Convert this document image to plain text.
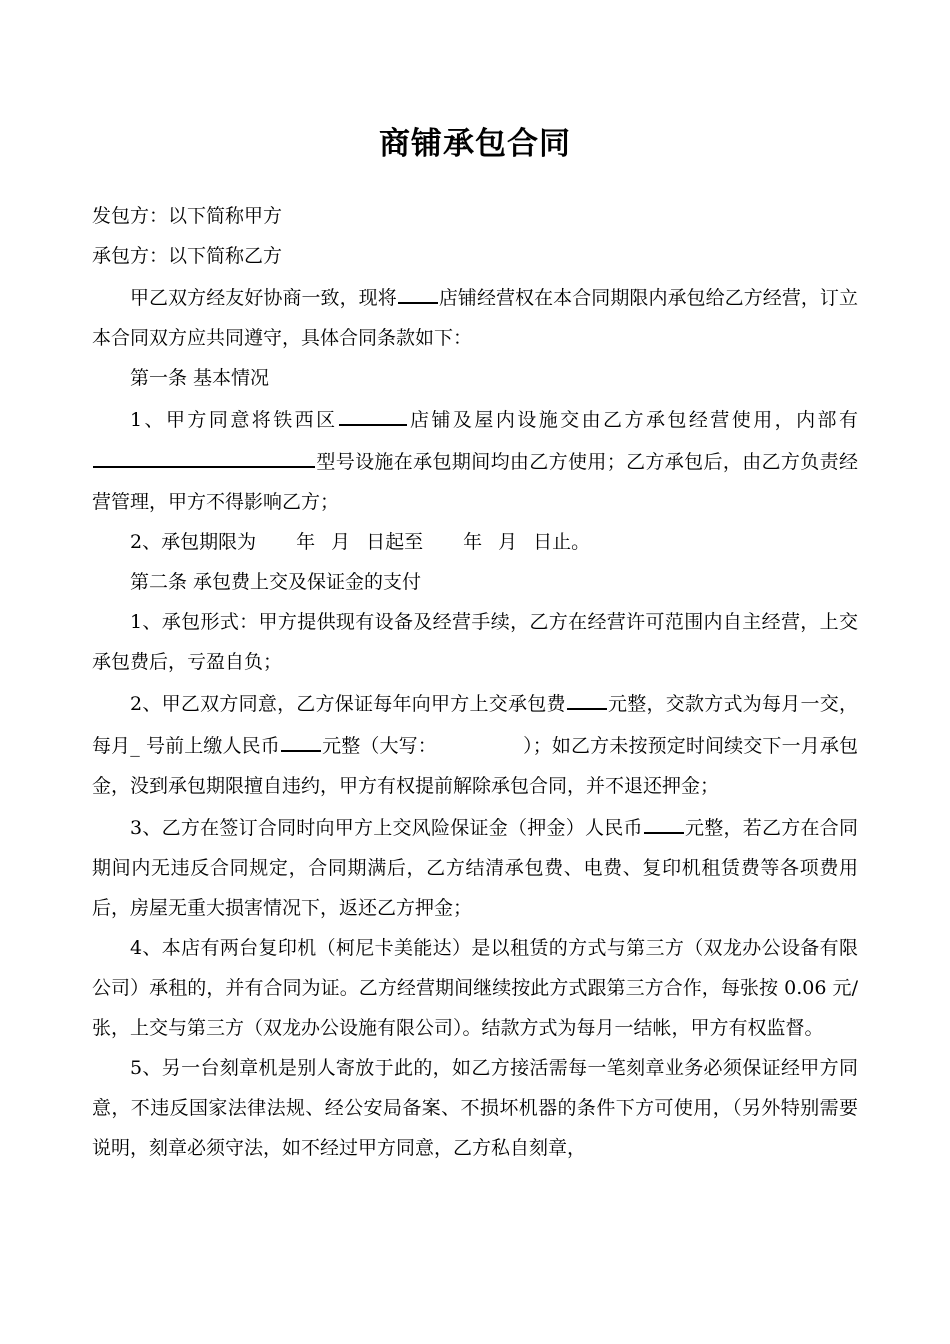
商铺承包合同

发包方：以下简称甲方

承包方：以下简称乙方

甲乙双方经友好协商一致，现将 店铺经营权在本合同期限内承包给乙方经营，订立本合同双方应共同遵守，具体合同条款如下：

第一条 基本情况

1、甲方同意将铁西区	店铺及屋内设施交由乙方承包经营使用，内部有型号设施在承包期间均由乙方使用；乙方承包后，由乙方负责经营管理，甲方不得影响乙方；

2、承包期限为 年 月 日起至 年 月 日止。

第二条 承包费上交及保证金的支付

1、承包形式：甲方提供现有设备及经营手续，乙方在经营许可范围内自主经营，上交承包费后，亏盈自负；

2、甲乙双方同意，乙方保证每年向甲方上交承包费 元整，交款方式为每月一交，每月_ 号前上缴人民币 元整（大写：	）；如乙方未按预定时间续交下一月承包金，没到承包期限擅自违约，甲方有权提前解除承包合同，并不退还押金；

3、乙方在签订合同时向甲方上交风险保证金（押金）人民币 元整，若乙方在合同期间内无违反合同规定，合同期满后，乙方结清承包费、电费、复印机租赁费等各项费用后，房屋无重大损害情况下，返还乙方押金；

4、本店有两台复印机（柯尼卡美能达）是以租赁的方式与第三方（双龙办公设备有限公司）承租的，并有合同为证。乙方经营期间继续按此方式跟第三方合作，每张按 0.06 元/张，上交与第三方（双龙办公设施有限公司）。结款方式为每月一结帐，甲方有权监督。

5、另一台刻章机是别人寄放于此的，如乙方接活需每一笔刻章业务必须保证经甲方同意，不违反国家法律法规、经公安局备案、不损坏机器的条件下方可使用，（另外特别需要说明，刻章必须守法，如不经过甲方同意，乙方私自刻章，
